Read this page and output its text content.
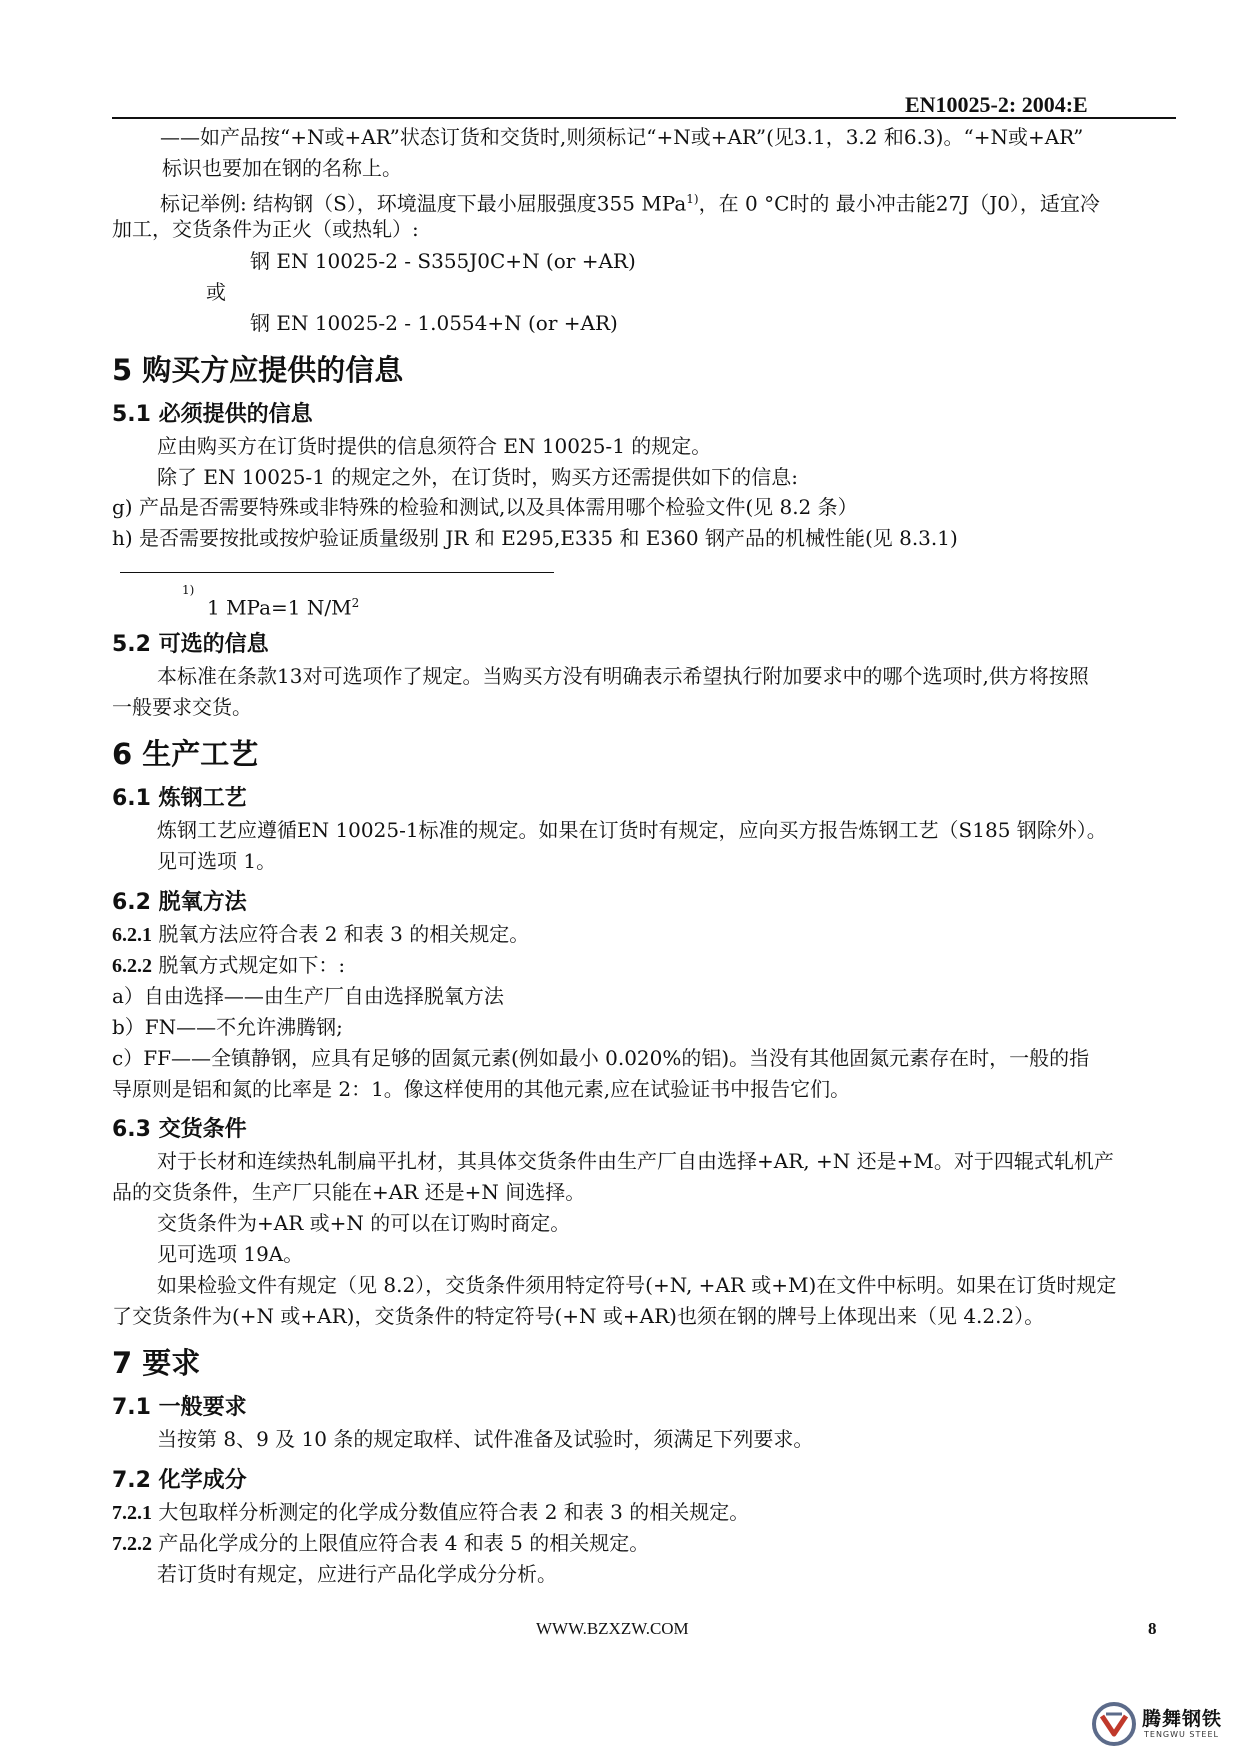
EN10025-2: 2004:E
——如产品按“+N或+AR”状态订货和交货时,则须标记“+N或+AR”(见3.1，3.2 和6.3)。“+N或+AR”
标识也要加在钢的名称上。
标记举例: 结构钢（S），环境温度下最小屈服强度355 MPa$^{1)}$，在 0 °C时的 最小冲击能27J（J0），适宜冷
加工，交货条件为正火（或热轧）:
钢 EN 10025-2 - S355J0C+N (or +AR)
或
钢 EN 10025-2 - 1.0554+N (or +AR)
5 购买方应提供的信息
5.1 必须提供的信息
应由购买方在订货时提供的信息须符合 EN 10025-1 的规定。
除了 EN 10025-1 的规定之外，在订货时，购买方还需提供如下的信息:
g) 产品是否需要特殊或非特殊的检验和测试,以及具体需用哪个检验文件(见 8.2 条）
h) 是否需要按批或按炉验证质量级别 JR 和 E295,E335 和 E360 钢产品的机械性能(见 8.3.1)
1)
1 MPa=1 $N/M^2$
5.2 可选的信息
本标准在条款13对可选项作了规定。当购买方没有明确表示希望执行附加要求中的哪个选项时,供方将按照
一般要求交货。
6 生产工艺
6.1 炼钢工艺
炼钢工艺应遵循EN 10025-1标准的规定。如果在订货时有规定，应向买方报告炼钢工艺（S185 钢除外）。
见可选项 1。
6.2 脱氧方法
6.2.1 脱氧方法应符合表 2 和表 3 的相关规定。
6.2.2 脱氧方式规定如下：:
a）自由选择——由生产厂自由选择脱氧方法
b）FN——不允许沸腾钢;
c）FF——全镇静钢，应具有足够的固氮元素(例如最小 0.020%的铝)。当没有其他固氮元素存在时，一般的指
导原则是铝和氮的比率是 2：1。像这样使用的其他元素,应在试验证书中报告它们。
6.3 交货条件
对于长材和连续热轧制扁平扎材，其具体交货条件由生产厂自由选择+AR, +N 还是+M。对于四辊式轧机产
品的交货条件，生产厂只能在+AR 还是+N 间选择。
交货条件为+AR 或+N 的可以在订购时商定。
见可选项 19A。
如果检验文件有规定（见 8.2），交货条件须用特定符号(+N, +AR 或+M)在文件中标明。如果在订货时规定
了交货条件为(+N 或+AR)，交货条件的特定符号(+N 或+AR)也须在钢的牌号上体现出来（见 4.2.2）。
7 要求
7.1 一般要求
当按第 8、9 及 10 条的规定取样、试件准备及试验时，须满足下列要求。
7.2 化学成分
7.2.1 大包取样分析测定的化学成分数值应符合表 2 和表 3 的相关规定。
7.2.2 产品化学成分的上限值应符合表 4 和表 5 的相关规定。
若订货时有规定，应进行产品化学成分分析。
WWW.BZXZW.COM	8
腾舞钢铁
TENGWU STEEL
